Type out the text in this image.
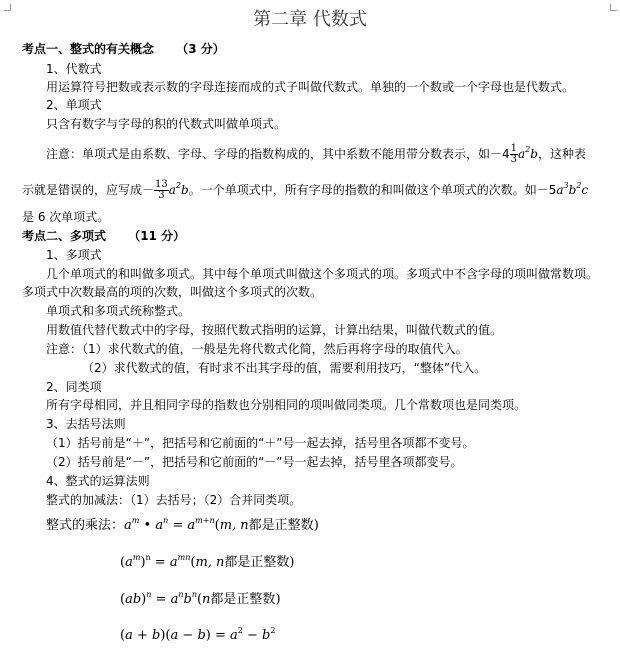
第二章 代数式
考点一、整式的有关概念 （3 分）
1、代数式
用运算符号把数或表示数的字母连接而成的式子叫做代数式。单独的一个数或一个字母也是代数式。
2、单项式
只含有数字与字母的积的代数式叫做单项式。
注意：单项式是由系数、字母、字母的指数构成的，其中系数不能用带分数表示，如$-4 \frac{1}{3} a^2b$，这种表
示就是错误的，应写成－ $\frac{13}{3} a^2b$。一个单项式中，所有字母的指数的和叫做这个单项式的次数。如$-5a^3b^2c$
是 6 次单项式。
考点二、多项式 （11 分）
1、多项式
几个单项式的和叫做多项式。其中每个单项式叫做这个多项式的项。多项式中不含字母的项叫做常数项。
多项式中次数最高的项的次数，叫做这个多项式的次数。
单项式和多项式统称整式。
用数值代替代数式中的字母，按照代数式指明的运算，计算出结果，叫做代数式的值。
注意：（1）求代数式的值，一般是先将代数式化简，然后再将字母的取值代入。
（2）求代数式的值，有时求不出其字母的值，需要利用技巧，“整体”代入。
2、同类项
所有字母相同，并且相同字母的指数也分别相同的项叫做同类项。几个常数项也是同类项。
3、去括号法则
（1）括号前是“＋”，把括号和它前面的“＋”号一起去掉，括号里各项都不变号。
（2）括号前是“－”，把括号和它前面的“－”号一起去掉，括号里各项都变号。
4、整式的运算法则
整式的加减法：（1）去括号；（2）合并同类项。
整式的乘法：$a^m$ • $a^n = a^{m+n}(m$, n都是正整数)
$(a^m)^n = a^{mn}(m$, n都是正整数)
$(ab)^n = a^nb^n(n$都是正整数)
$(a + b)(a - b) = a^2 - b^2$
